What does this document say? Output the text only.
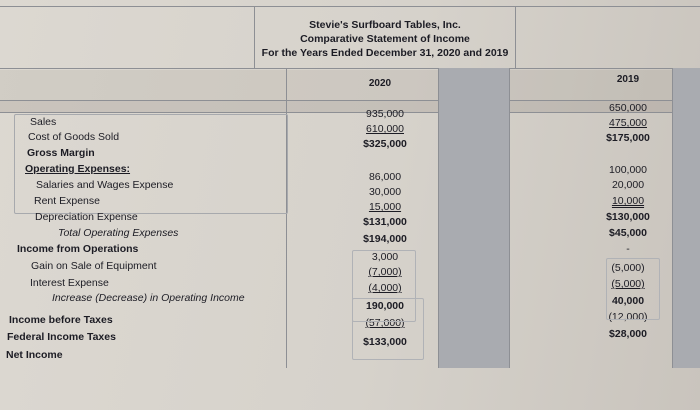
Stevie's Surfboard Tables, Inc.
Comparative Statement of Income
For the Years Ended December 31, 2020 and 2019
2020	2019
Sales
Cost of Goods Sold
Gross Margin
Operating Expenses:
Salaries and Wages Expense
Rent Expense
Depreciation Expense
Total Operating Expenses
Income from Operations
Gain on Sale of Equipment
Interest Expense
Increase (Decrease) in Operating Income
Income before Taxes
Federal Income Taxes
Net Income
935,000
610,000
$325,000
86,000
30,000
15,000
$131,000
$194,000
3,000
(7,000)
(4,000)
190,000
(57,000)
$133,000
650,000
475,000
$175,000
100,000
20,000
10,000
$130,000
$45,000
-
(5,000)
(5,000)
40,000
(12,000)
$28,000
